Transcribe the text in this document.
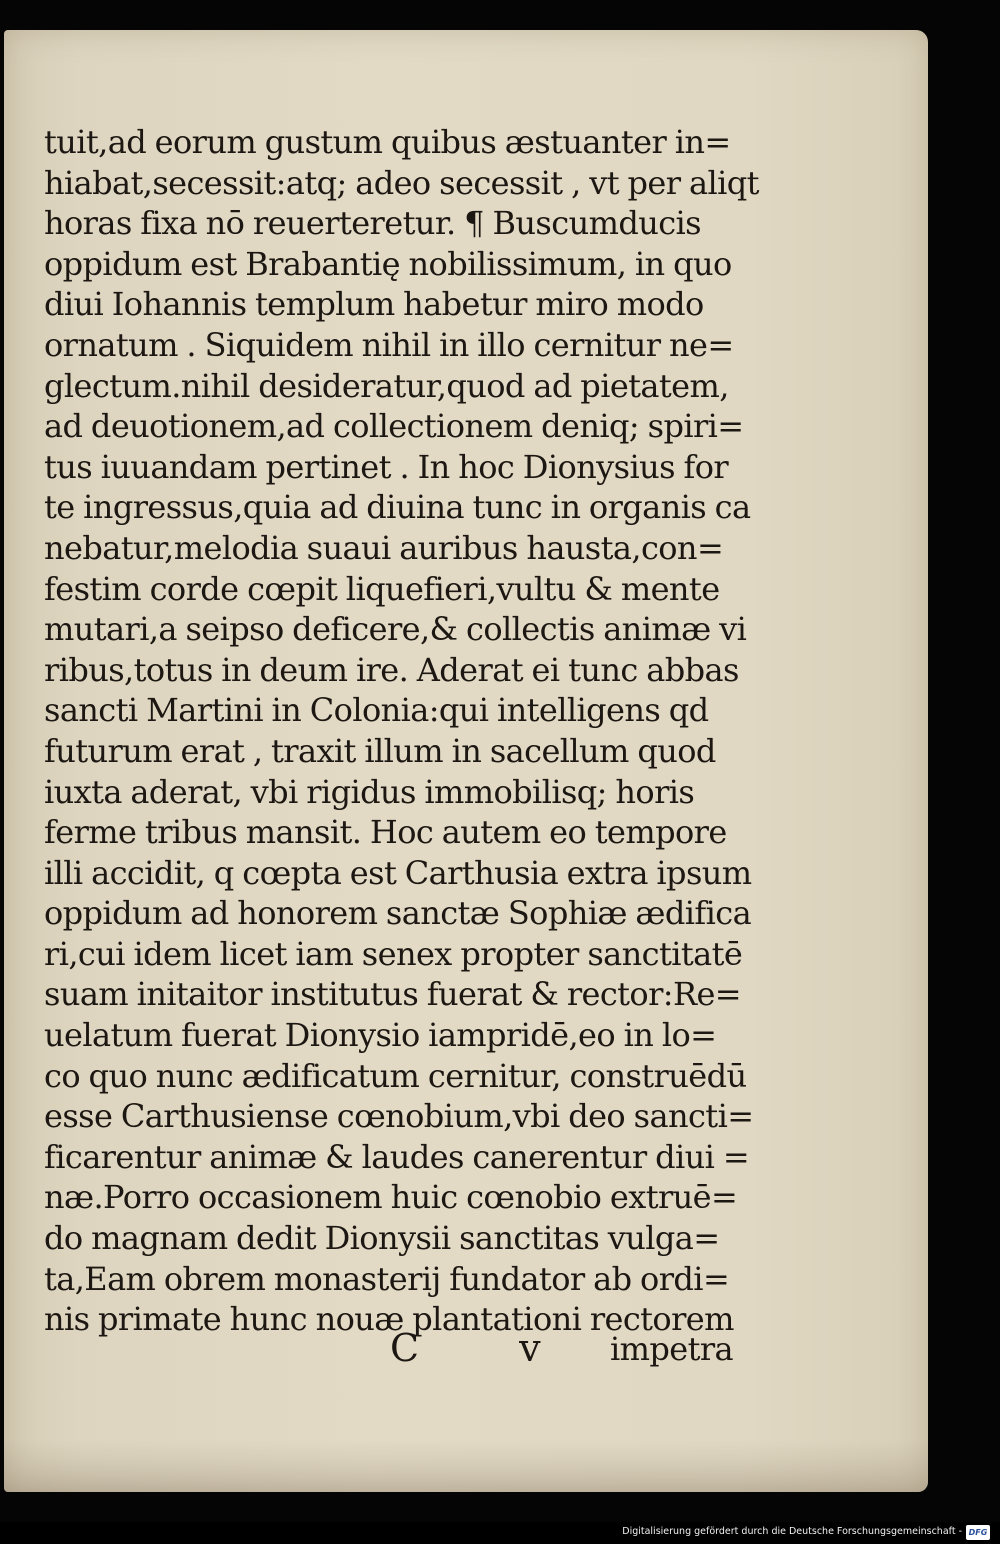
tuit,ad eorum gustum quibus æstuanter in=
hiabat,secessit:atq; adeo secessit , vt per aliqt
horas fixa nō reuerteretur. ¶ Buscumducis
oppidum est Brabantię nobilissimum, in quo
diui Iohannis templum habetur miro modo
ornatum . Siquidem nihil in illo cernitur ne=
glectum.nihil desideratur,quod ad pietatem,
ad deuotionem,ad collectionem deniq; spiri=
tus iuuandam pertinet . In hoc Dionysius for
te ingressus,quia ad diuina tunc in organis ca
nebatur,melodia suaui auribus hausta,con=
festim corde cœpit liquefieri,vultu & mente
mutari,a seipso deficere,& collectis animæ vi
ribus,totus in deum ire. Aderat ei tunc abbas
sancti Martini in Colonia:qui intelligens qd
futurum erat , traxit illum in sacellum quod
iuxta aderat, vbi rigidus immobilisq; horis
ferme tribus mansit. Hoc autem eo tempore
illi accidit, q cœpta est Carthusia extra ipsum
oppidum ad honorem sanctæ Sophiæ ædifica
ri,cui idem licet iam senex propter sanctitatē
suam initaitor institutus fuerat & rector:Re=
uelatum fuerat Dionysio iampridē,eo in lo=
co quo nunc ædificatum cernitur, construēdū
esse Carthusiense cœnobium,vbi deo sancti=
ficarentur animæ & laudes canerentur diui =
næ.Porro occasionem huic cœnobio extruē=
do magnam dedit Dionysii sanctitas vulga=
ta,Eam obrem monasterij fundator ab ordi=
nis primate hunc nouæ plantationi rectorem
C v impetra
Digitalisierung gefördert durch die Deutsche Forschungsgemeinschaft - DFG
